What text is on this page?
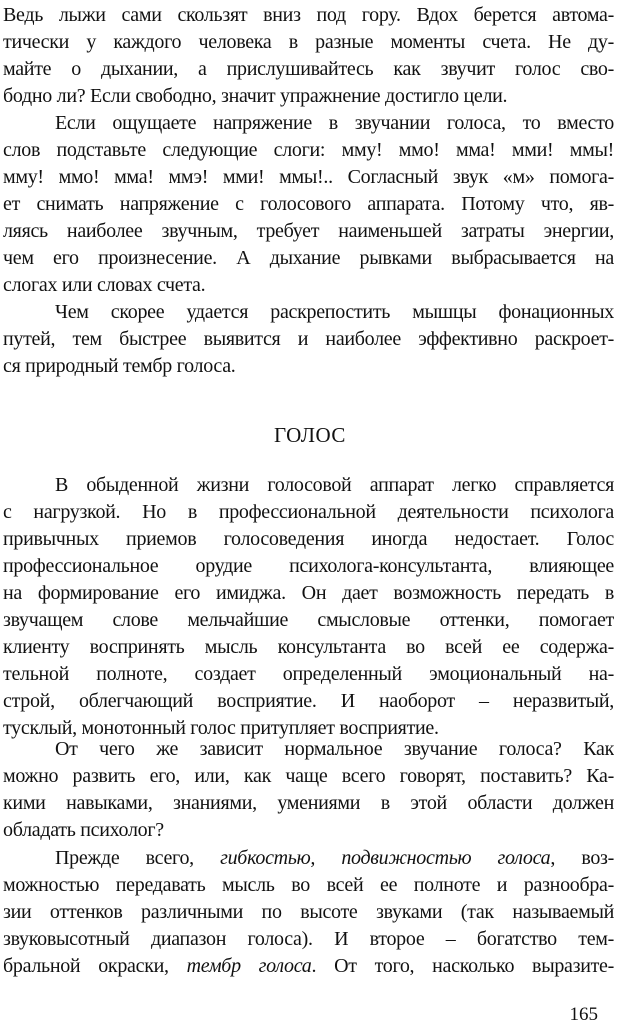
Ведь лыжи сами скользят вниз под гору. Вдох берется автома-
тически у каждого человека в разные моменты счета. Не ду-
майте о дыхании, а прислушивайтесь как звучит голос сво-
бодно ли? Если свободно, значит упражнение достигло цели.
Если ощущаете напряжение в звучании голоса, то вместо
слов подставьте следующие слоги: мму! ммо! мма! мми! ммы!
мму! ммо! мма! ммэ! мми! ммы!.. Согласный звук «м» помога-
ет снимать напряжение с голосового аппарата. Потому что, яв-
ляясь наиболее звучным, требует наименьшей затраты энергии,
чем его произнесение. А дыхание рывками выбрасывается на
слогах или словах счета.
Чем скорее удается раскрепостить мышцы фонационных
путей, тем быстрее выявится и наиболее эффективно раскроет-
ся природный тембр голоса.
ГОЛОС
В обыденной жизни голосовой аппарат легко справляется
с нагрузкой. Но в профессиональной деятельности психолога
привычных приемов голосоведения иногда недостает. Голос
профессиональное орудие психолога-консультанта, влияющее
на формирование его имиджа. Он дает возможность передать в
звучащем слове мельчайшие смысловые оттенки, помогает
клиенту воспринять мысль консультанта во всей ее содержа-
тельной полноте, создает определенный эмоциональный на-
строй, облегчающий восприятие. И наоборот – неразвитый,
тусклый, монотонный голос притупляет восприятие.
От чего же зависит нормальное звучание голоса? Как
можно развить его, или, как чаще всего говорят, поставить? Ка-
кими навыками, знаниями, умениями в этой области должен
обладать психолог?
Прежде всего, гибкостью, подвижностью голоса, воз-
можностью передавать мысль во всей ее полноте и разнообра-
зии оттенков различными по высоте звуками (так называемый
звуковысотный диапазон голоса). И второе – богатство тем-
бральной окраски, тембр голоса. От того, насколько выразите-
165
